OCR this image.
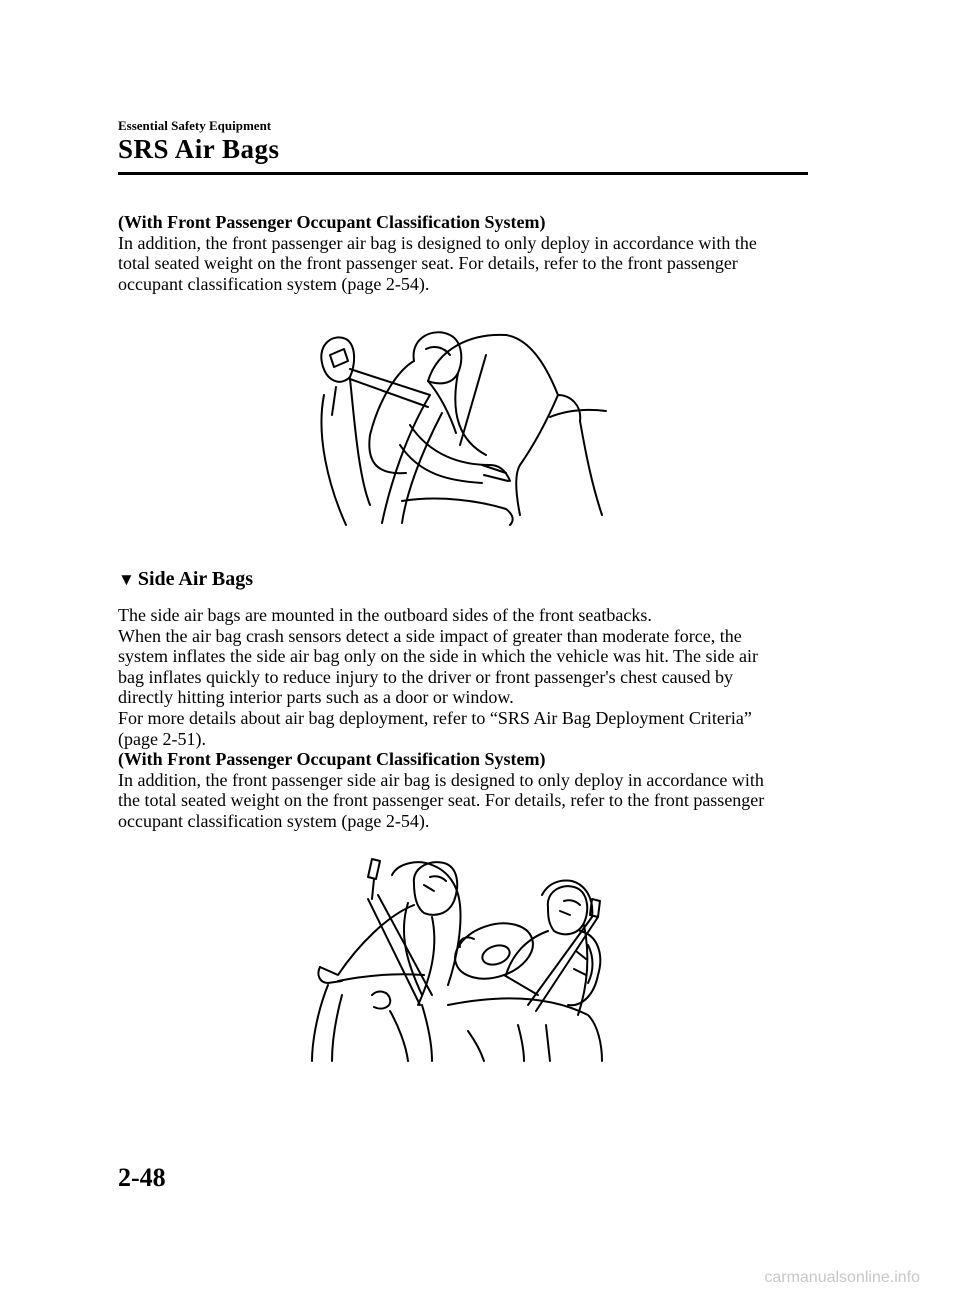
Essential Safety Equipment
SRS Air Bags

(With Front Passenger Occupant Classification System)

In addition, the front passenger air bag is designed to only deploy in accordance with the

total seated weight on the front passenger seat. For details, refer to the front passenger

occupant classification system (page 2-54).

▼ Side Air Bags

The side air bags are mounted in the outboard sides of the front seatbacks.

When the air bag crash sensors detect a side impact of greater than moderate force, the

system inflates the side air bag only on the side in which the vehicle was hit. The side air

bag inflates quickly to reduce injury to the driver or front passenger's chest caused by

directly hitting interior parts such as a door or window.

For more details about air bag deployment, refer to “SRS Air Bag Deployment Criteria”

(page 2-51).

(With Front Passenger Occupant Classification System)

In addition, the front passenger side air bag is designed to only deploy in accordance with

the total seated weight on the front passenger seat. For details, refer to the front passenger

occupant classification system (page 2-54).

2-48
carmanualsonline.info
